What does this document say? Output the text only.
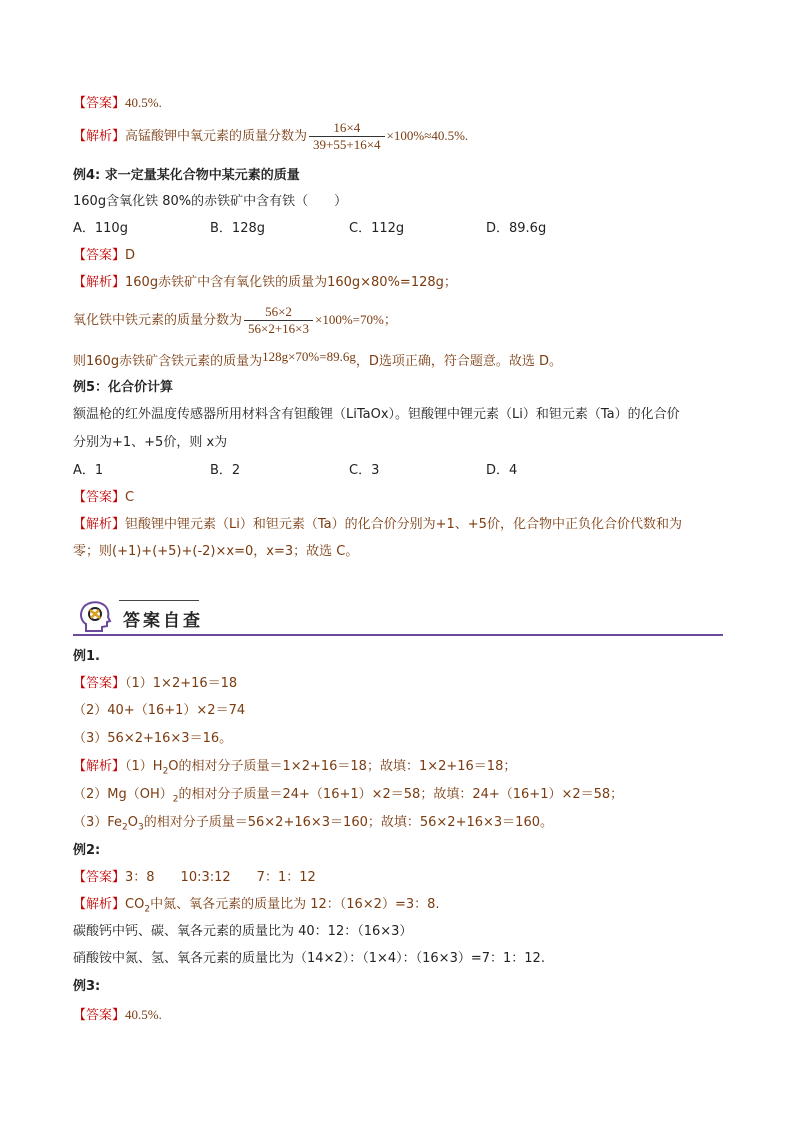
【答案】40.5%.
【解析】高锰酸钾中氧元素的质量分数为 $\frac{16\times 4}{39+55+16\times 4} \times 100\%\approx 40.5\%$.
例4: 求一定量某化合物中某元素的质量
160g含氧化铁 80%的赤铁矿中含有铁（　　）
A．110g	B．128g	C．112g	D．89.6g
【答案】D
【解析】160g赤铁矿中含有氧化铁的质量为160g×80%=128g；
氧化铁中铁元素的质量分数为 $\frac{56\times 2}{56\times 2+16\times 3} \times 100\%=70\%$；
则160g赤铁矿含铁元素的质量为128g×70%=89.6g，D选项正确，符合题意。故选 D。
例5：化合价计算
额温枪的红外温度传感器所用材料含有钽酸锂（LiTaOx）。钽酸锂中锂元素（Li）和钽元素（Ta）的化合价
分别为+1、+5价，则 x为
A．1	B．2	C．3	D．4
【答案】C
【解析】钽酸锂中锂元素（Li）和钽元素（Ta）的化合价分别为+1、+5价，化合物中正负化合价代数和为
零；则(+1)+(+5)+(-2)×x=0，x=3；故选 C。
答案自查
例1.
【答案】（1）1×2+16＝18
（2）40+（16+1）×2＝74
（3）56×2+16×3＝16。
【解析】$(1)H_2O$的相对分子质量＝1×2+16＝18；故填：1×2+16＝18；
$(2)Mg(OH)_2$的相对分子质量＝24+（16+1）×2＝58；故填：24+（16+1）×2＝58；
$(3)Fe_2O_3$的相对分子质量＝56×2+16×3＝160；故填：56×2+16×3＝160。
例2:
【答案】3：8　　10:3:12　　7：1：12
【解析】$CO_2$中氮、氧各元素的质量比为 12：（16×2）=3：8.
碳酸钙中钙、碳、氧各元素的质量比为 40：12：（16×3）
硝酸铵中氮、氢、氧各元素的质量比为（14×2）：（1×4）：（16×3）=7：1：12.
例3:
【答案】40.5%.
